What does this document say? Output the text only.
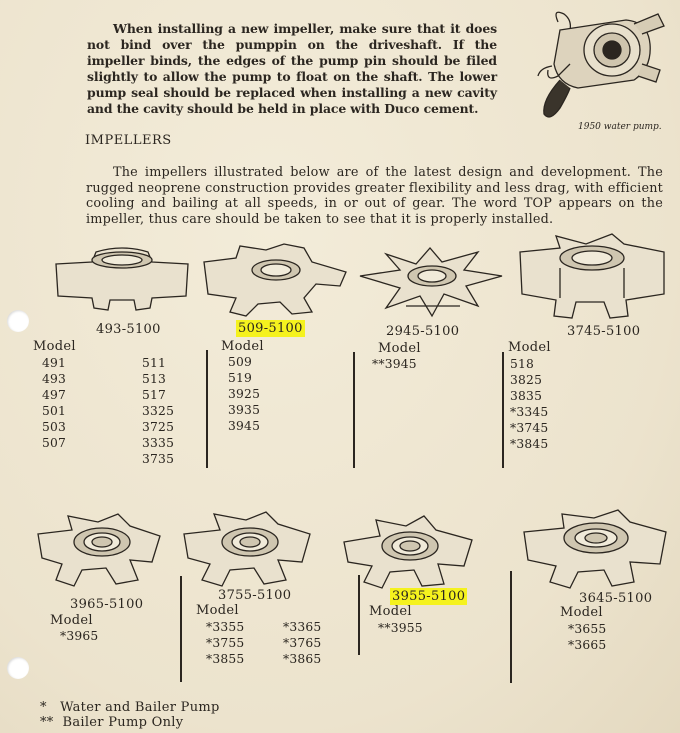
When installing a new impeller, make sure that it does not bind over the pumppin on the driveshaft. If the impeller binds, the edges of the pump pin should be filed slightly to allow the pump to float on the shaft. The lower pump seal should be replaced when installing a new cavity and the cavity should be held in place with Duco cement.
1950 water pump.
IMPELLERS
The impellers illustrated below are of the latest design and development. The rugged neoprene construction provides greater flexibility and less drag, with efficient cooling and bailing at all speeds, in or out of gear. The word TOP appears on the impeller, thus care should be taken to see that it is properly installed.
493-5100
Model
491
493
497
501
503
507
511
513
517
3325
3725
3335
3735
509-5100
Model
509
519
3925
3935
3945
2945-5100
Model
**3945
3745-5100
Model
518
3825
3835
*3345
*3745
*3845
3965-5100
Model
*3965
3755-5100
Model
*3355
*3755
*3855
*3365
*3765
*3865
3955-5100
Model
**3955
3645-5100
Model
*3655
*3665
*   Water and Bailer Pump
**  Bailer Pump Only
